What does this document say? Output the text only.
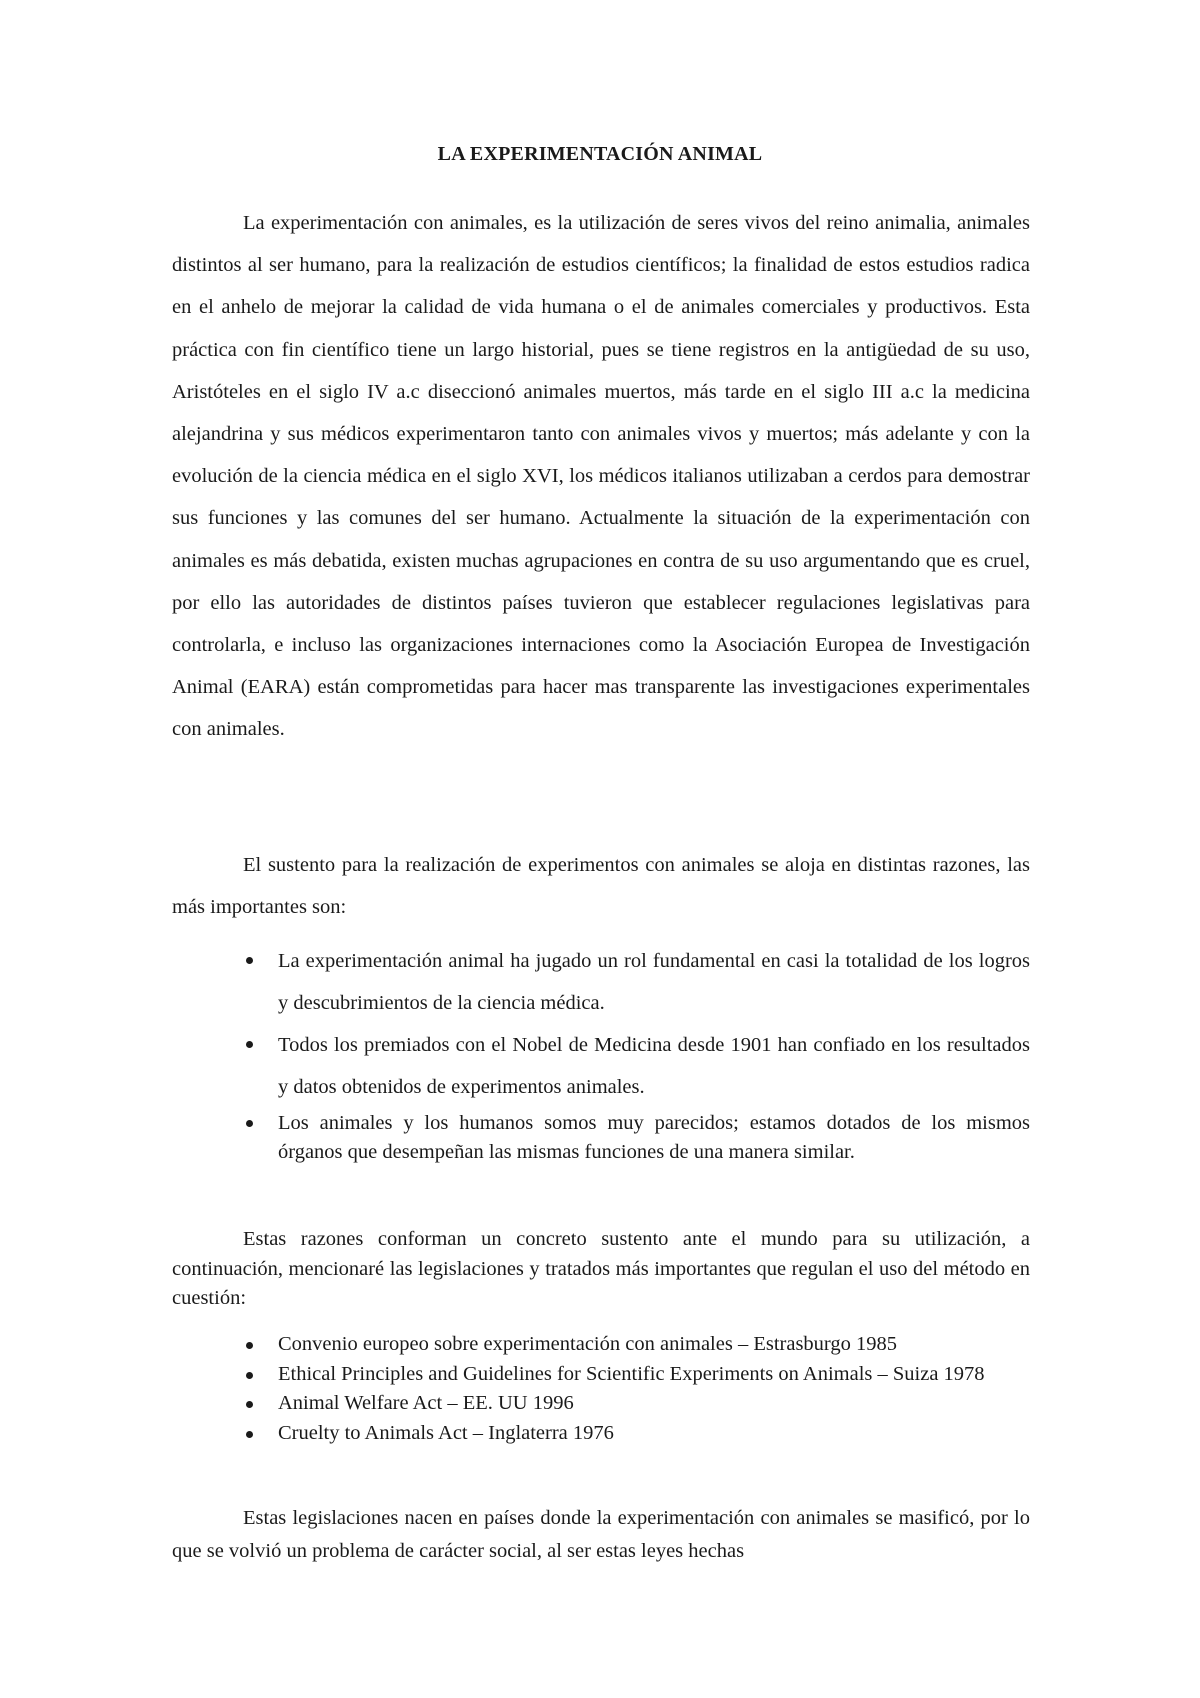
LA EXPERIMENTACIÓN ANIMAL

La experimentación con animales, es la utilización de seres vivos del reino animalia, animales distintos al ser humano, para la realización de estudios científicos; la finalidad de estos estudios radica en el anhelo de mejorar la calidad de vida humana o el de animales comerciales y productivos. Esta práctica con fin científico tiene un largo historial, pues se tiene registros en la antigüedad de su uso, Aristóteles en el siglo IV a.c diseccionó animales muertos, más tarde en el siglo III a.c la medicina alejandrina y sus médicos experimentaron tanto con animales vivos y muertos; más adelante y con la evolución de la ciencia médica en el siglo XVI, los médicos italianos utilizaban a cerdos para demostrar sus funciones y las comunes del ser humano. Actualmente la situación de la experimentación con animales es más debatida, existen muchas agrupaciones en contra de su uso argumentando que es cruel, por ello las autoridades de distintos países tuvieron que establecer regulaciones legislativas para controlarla, e incluso las organizaciones internaciones como la Asociación Europea de Investigación Animal (EARA) están comprometidas para hacer mas transparente las investigaciones experimentales con animales.

El sustento para la realización de experimentos con animales se aloja en distintas razones, las más importantes son:

La experimentación animal ha jugado un rol fundamental en casi la totalidad de los logros y descubrimientos de la ciencia médica.
Todos los premiados con el Nobel de Medicina desde 1901 han confiado en los resultados y datos obtenidos de experimentos animales.
Los animales y los humanos somos muy parecidos; estamos dotados de los mismos órganos que desempeñan las mismas funciones de una manera similar.

Estas razones conforman un concreto sustento ante el mundo para su utilización, a continuación, mencionaré las legislaciones y tratados más importantes que regulan el uso del método en cuestión:

Convenio europeo sobre experimentación con animales – Estrasburgo 1985
Ethical Principles and Guidelines for Scientific Experiments on Animals – Suiza 1978
Animal Welfare Act – EE. UU 1996
Cruelty to Animals Act – Inglaterra 1976

Estas legislaciones nacen en países donde la experimentación con animales se masificó, por lo que se volvió un problema de carácter social, al ser estas leyes hechas
